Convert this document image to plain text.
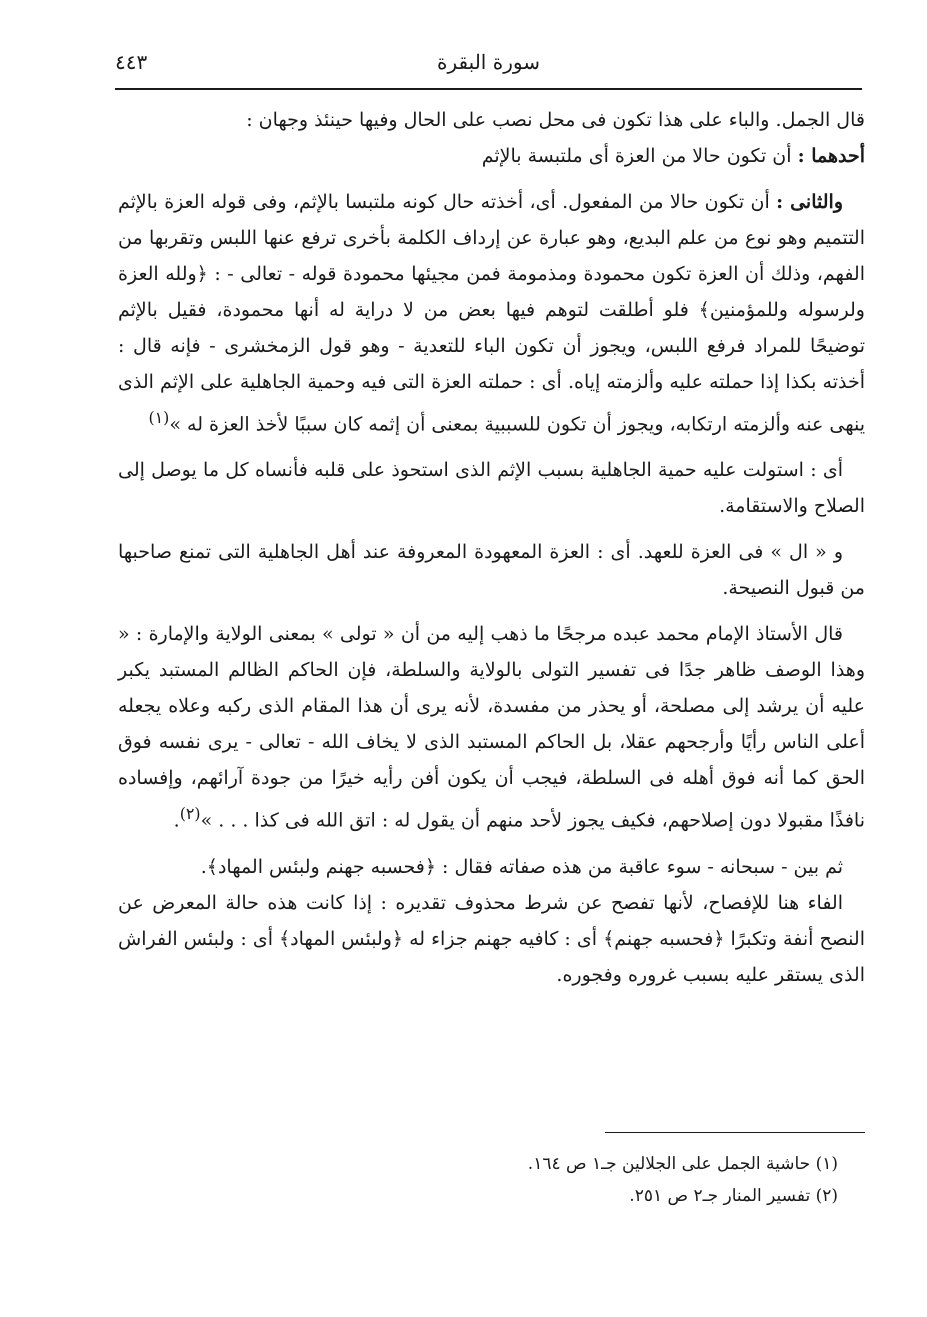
سورة البقرة
٤٤٣

قال الجمل. والباء على هذا تكون فى محل نصب على الحال وفيها حينئذ وجهان :

أحدهما : أن تكون حالا من العزة أى ملتبسة بالإثم

والثانى : أن تكون حالا من المفعول. أى، أخذته حال كونه ملتبسا بالإثم، وفى قوله العزة بالإثم التتميم وهو نوع من علم البديع، وهو عبارة عن إرداف الكلمة بأخرى ترفع عنها اللبس وتقربها من الفهم، وذلك أن العزة تكون محمودة ومذمومة فمن مجيئها محمودة قوله - تعالى - : ﴿ولله العزة ولرسوله وللمؤمنين﴾ فلو أطلقت لتوهم فيها بعض من لا دراية له أنها محمودة، فقيل بالإثم توضيحًا للمراد فرفع اللبس، ويجوز أن تكون الباء للتعدية - وهو قول الزمخشرى - فإنه قال : أخذته بكذا إذا حملته عليه وألزمته إياه. أى : حملته العزة التى فيه وحمية الجاهلية على الإثم الذى ينهى عنه وألزمته ارتكابه، ويجوز أن تكون للسببية بمعنى أن إثمه كان سببًا لأخذ العزة له »$^{(١)}$

أى : استولت عليه حمية الجاهلية بسبب الإثم الذى استحوذ على قلبه فأنساه كل ما يوصل إلى الصلاح والاستقامة.

و « ال » فى العزة للعهد. أى : العزة المعهودة المعروفة عند أهل الجاهلية التى تمنع صاحبها من قبول النصيحة.

قال الأستاذ الإمام محمد عبده مرجحًا ما ذهب إليه من أن « تولى » بمعنى الولاية والإمارة : « وهذا الوصف ظاهر جدًا فى تفسير التولى بالولاية والسلطة، فإن الحاكم الظالم المستبد يكبر عليه أن يرشد إلى مصلحة، أو يحذر من مفسدة، لأنه يرى أن هذا المقام الذى ركبه وعلاه يجعله أعلى الناس رأيًا وأرجحهم عقلا، بل الحاكم المستبد الذى لا يخاف الله - تعالى - يرى نفسه فوق الحق كما أنه فوق أهله فى السلطة، فيجب أن يكون أفن رأيه خيرًا من جودة آرائهم، وإفساده نافذًا مقبولا دون إصلاحهم، فكيف يجوز لأحد منهم أن يقول له : اتق الله فى كذا . . . »$^{(٢)}$.

ثم بين - سبحانه - سوء عاقبة من هذه صفاته فقال : ﴿فحسبه جهنم ولبئس المهاد﴾.

الفاء هنا للإفصاح، لأنها تفصح عن شرط محذوف تقديره : إذا كانت هذه حالة المعرض عن النصح أنفة وتكبرًا ﴿فحسبه جهنم﴾ أى : كافيه جهنم جزاء له ﴿ولبئس المهاد﴾ أى : ولبئس الفراش الذى يستقر عليه بسبب غروره وفجوره.

(١) حاشية الجمل على الجلالين جـ١ ص ١٦٤.
(٢) تفسير المنار جـ٢ ص ٢٥١.
